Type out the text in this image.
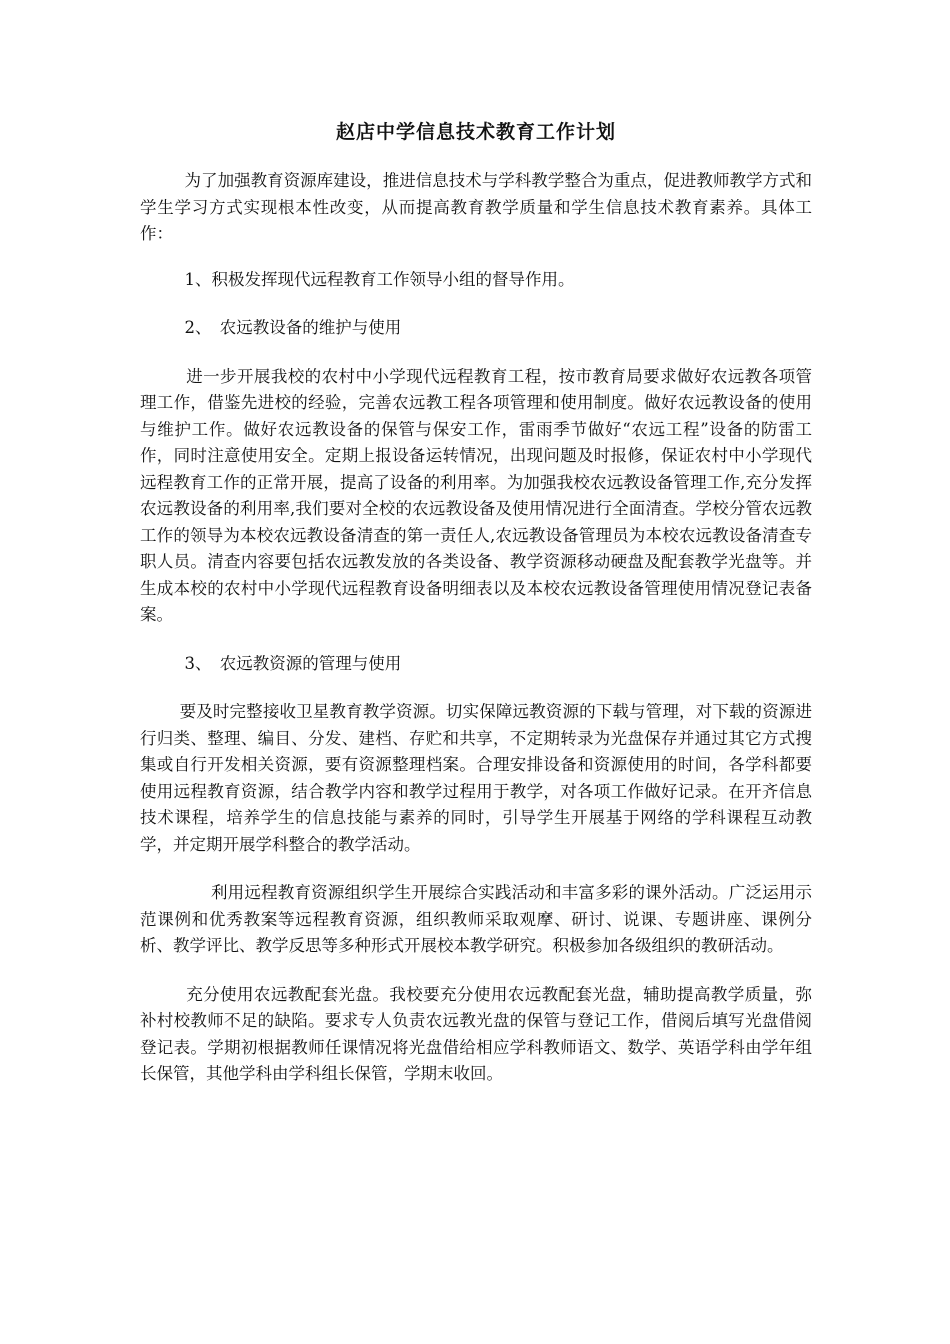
赵店中学信息技术教育工作计划

为了加强教育资源库建设，推进信息技术与学科教学整合为重点，促进教师教学方式和学生学习方式实现根本性改变，从而提高教育教学质量和学生信息技术教育素养。具体工作：

1、积极发挥现代远程教育工作领导小组的督导作用。

2、　农远教设备的维护与使用

进一步开展我校的农村中小学现代远程教育工程，按市教育局要求做好农远教各项管理工作，借鉴先进校的经验，完善农远教工程各项管理和使用制度。做好农远教设备的使用与维护工作。做好农远教设备的保管与保安工作，雷雨季节做好“农远工程”设备的防雷工作，同时注意使用安全。定期上报设备运转情况，出现问题及时报修，保证农村中小学现代远程教育工作的正常开展，提高了设备的利用率。为加强我校农远教设备管理工作,充分发挥农远教设备的利用率,我们要对全校的农远教设备及使用情况进行全面清查。学校分管农远教工作的领导为本校农远教设备清查的第一责任人,农远教设备管理员为本校农远教设备清查专职人员。清查内容要包括农远教发放的各类设备、教学资源移动硬盘及配套教学光盘等。并生成本校的农村中小学现代远程教育设备明细表以及本校农远教设备管理使用情况登记表备案。

3、　农远教资源的管理与使用

要及时完整接收卫星教育教学资源。切实保障远教资源的下载与管理，对下载的资源进行归类、整理、编目、分发、建档、存贮和共享，不定期转录为光盘保存并通过其它方式搜集或自行开发相关资源，要有资源整理档案。合理安排设备和资源使用的时间，各学科都要使用远程教育资源，结合教学内容和教学过程用于教学，对各项工作做好记录。在开齐信息技术课程，培养学生的信息技能与素养的同时，引导学生开展基于网络的学科课程互动教学，并定期开展学科整合的教学活动。

利用远程教育资源组织学生开展综合实践活动和丰富多彩的课外活动。广泛运用示范课例和优秀教案等远程教育资源，组织教师采取观摩、研讨、说课、专题讲座、课例分析、教学评比、教学反思等多种形式开展校本教学研究。积极参加各级组织的教研活动。

充分使用农远教配套光盘。我校要充分使用农远教配套光盘，辅助提高教学质量，弥补村校教师不足的缺陷。要求专人负责农远教光盘的保管与登记工作，借阅后填写光盘借阅登记表。学期初根据教师任课情况将光盘借给相应学科教师语文、数学、英语学科由学年组长保管，其他学科由学科组长保管，学期末收回。
